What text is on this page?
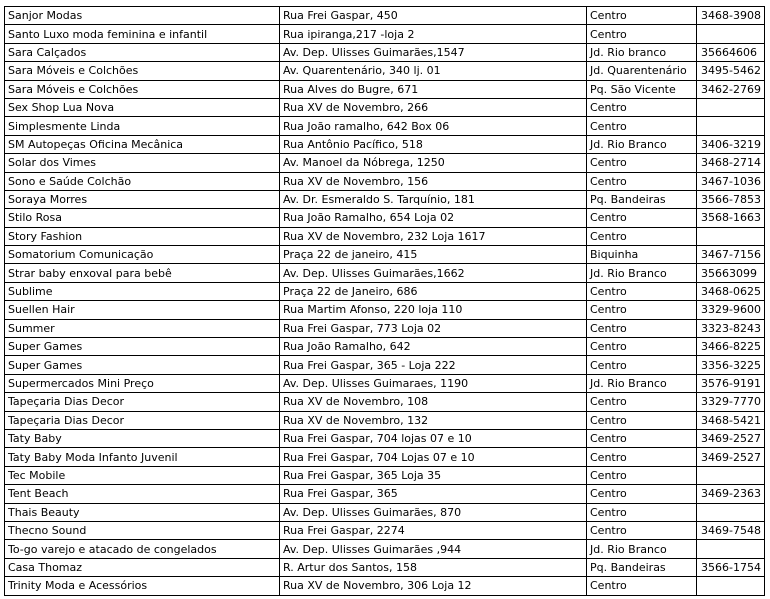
Sanjor Modas	Rua Frei Gaspar, 450	Centro	3468-3908
Santo Luxo moda feminina e infantil	Rua ipiranga,217 -loja 2	Centro	
Sara Calçados	Av. Dep. Ulisses Guimarães,1547	Jd. Rio branco	35664606
Sara Móveis e Colchões	Av. Quarentenário, 340 lj. 01	Jd. Quarentenário	3495-5462
Sara Móveis e Colchões	Rua Alves do Bugre, 671	Pq. São Vicente	3462-2769
Sex Shop Lua Nova	Rua XV de Novembro, 266	Centro	
Simplesmente Linda	Rua João ramalho, 642 Box 06	Centro	
SM Autopeças Oficina Mecânica	Rua Antônio Pacífico, 518	Jd. Rio Branco	3406-3219
Solar dos Vimes	Av. Manoel da Nóbrega, 1250	Centro	3468-2714
Sono e Saúde Colchão	Rua XV de Novembro, 156	Centro	3467-1036
Soraya Morres	Av. Dr. Esmeraldo S. Tarquínio, 181	Pq. Bandeiras	3566-7853
Stilo Rosa	Rua João Ramalho, 654 Loja 02	Centro	3568-1663
Story Fashion	Rua XV de Novembro, 232 Loja 1617	Centro	
Somatorium Comunicação	Praça 22 de janeiro, 415	Biquinha	3467-7156
Strar baby enxoval para bebê	Av. Dep. Ulisses Guimarães,1662	Jd. Rio Branco	35663099
Sublime	Praça 22 de Janeiro, 686	Centro	3468-0625
Suellen Hair	Rua Martim Afonso, 220 loja 110	Centro	3329-9600
Summer	Rua Frei Gaspar, 773 Loja 02	Centro	3323-8243
Super Games	Rua João Ramalho, 642	Centro	3466-8225
Super Games	Rua Frei Gaspar, 365 - Loja 222	Centro	3356-3225
Supermercados Mini Preço	Av. Dep. Ulisses Guimaraes, 1190	Jd. Rio Branco	3576-9191
Tapeçaria Dias Decor	Rua XV de Novembro, 108	Centro	3329-7770
Tapeçaria Dias Decor	Rua XV de Novembro, 132	Centro	3468-5421
Taty Baby	Rua Frei Gaspar, 704 lojas 07 e 10	Centro	3469-2527
Taty Baby Moda Infanto Juvenil	Rua Frei Gaspar, 704 Lojas 07 e 10	Centro	3469-2527
Tec Mobile	Rua Frei Gaspar, 365 Loja 35	Centro	
Tent Beach	Rua Frei Gaspar, 365	Centro	3469-2363
Thais Beauty	Av. Dep. Ulisses Guimarães, 870	Centro	
Thecno Sound	Rua Frei Gaspar, 2274	Centro	3469-7548
To-go varejo e atacado de congelados	Av. Dep. Ulisses Guimarães ,944	Jd. Rio Branco	
Casa Thomaz	R. Artur dos Santos, 158	Pq. Bandeiras	3566-1754
Trinity Moda e Acessórios	Rua XV de Novembro, 306 Loja 12	Centro	
